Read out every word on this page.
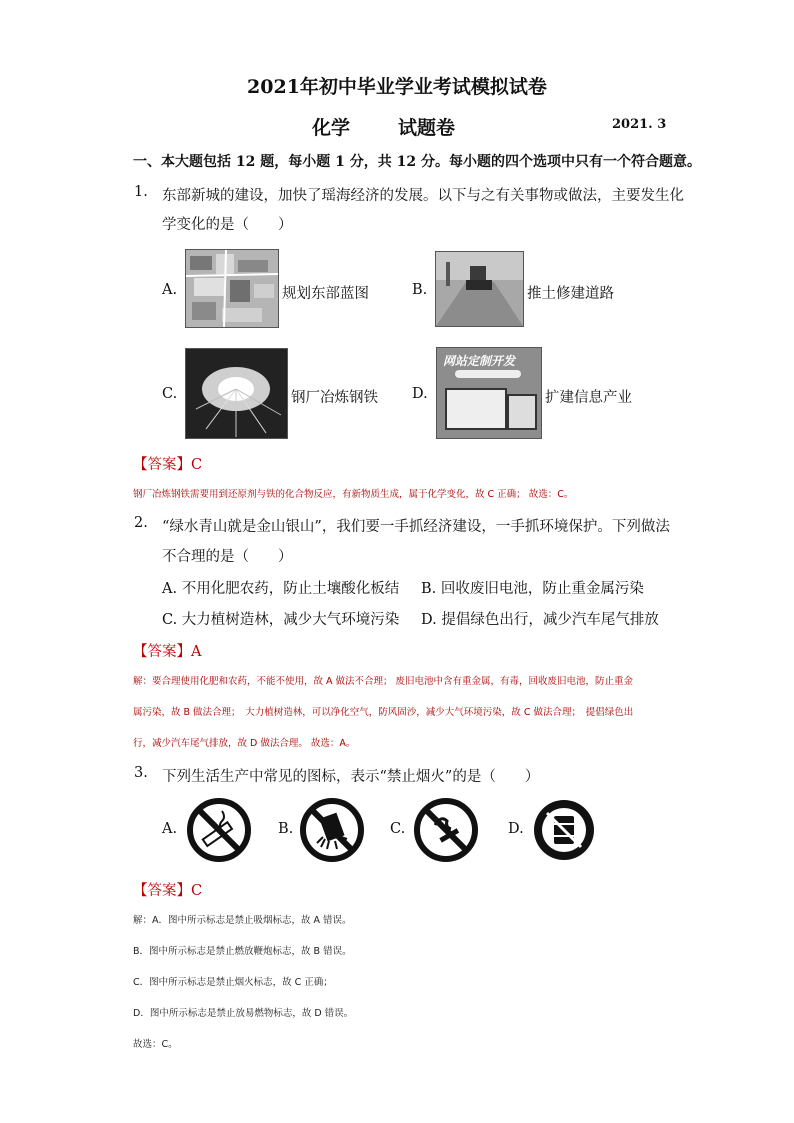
2021年初中毕业学业考试模拟试卷
化学	试题卷	2021. 3
一、本大题包括 12 题，每小题 1 分，共 12 分。每小题的四个选项中只有一个符合题意。
1. 东部新城的建设，加快了瑶海经济的发展。以下与之有关事物或做法，主要发生化
学变化的是（　　）
A.	规划东部蓝图	B.	推土修建道路
C.	钢厂冶炼钢铁 D.
网站定制开发
扩建信息产业
【答案】C
钢厂冶炼钢铁需要用到还原剂与铁的化合物反应，有新物质生成，属于化学变化，故 C 正确； 故选：C。
2. “绿水青山就是金山银山”，我们要一手抓经济建设，一手抓环境保护。下列做法
不合理的是（　　）
A. 不用化肥农药，防止土壤酸化板结 B. 回收废旧电池，防止重金属污染
C. 大力植树造林，减少大气环境污染 D. 提倡绿色出行，减少汽车尾气排放
【答案】A
解：要合理使用化肥和农药，不能不使用，故 A 做法不合理； 废旧电池中含有重金属，有毒，回收废旧电池，防止重金
属污染，故 B 做法合理；　大力植树造林，可以净化空气，防风固沙，减少大气环境污染，故 C 做法合理；　提倡绿色出
行，减少汽车尾气排放，故 D 做法合理。 故选：A。
3. 下列生活生产中常见的图标，表示“禁止烟火”的是（　　）
A.	B.	C.	D.
【答案】C
解：A．图中所示标志是禁止吸烟标志，故 A 错误。
B．图中所示标志是禁止燃放鞭炮标志，故 B 错误。
C．图中所示标志是禁止烟火标志，故 C 正确；
D．图中所示标志是禁止放易燃物标志，故 D 错误。
故选：C。
